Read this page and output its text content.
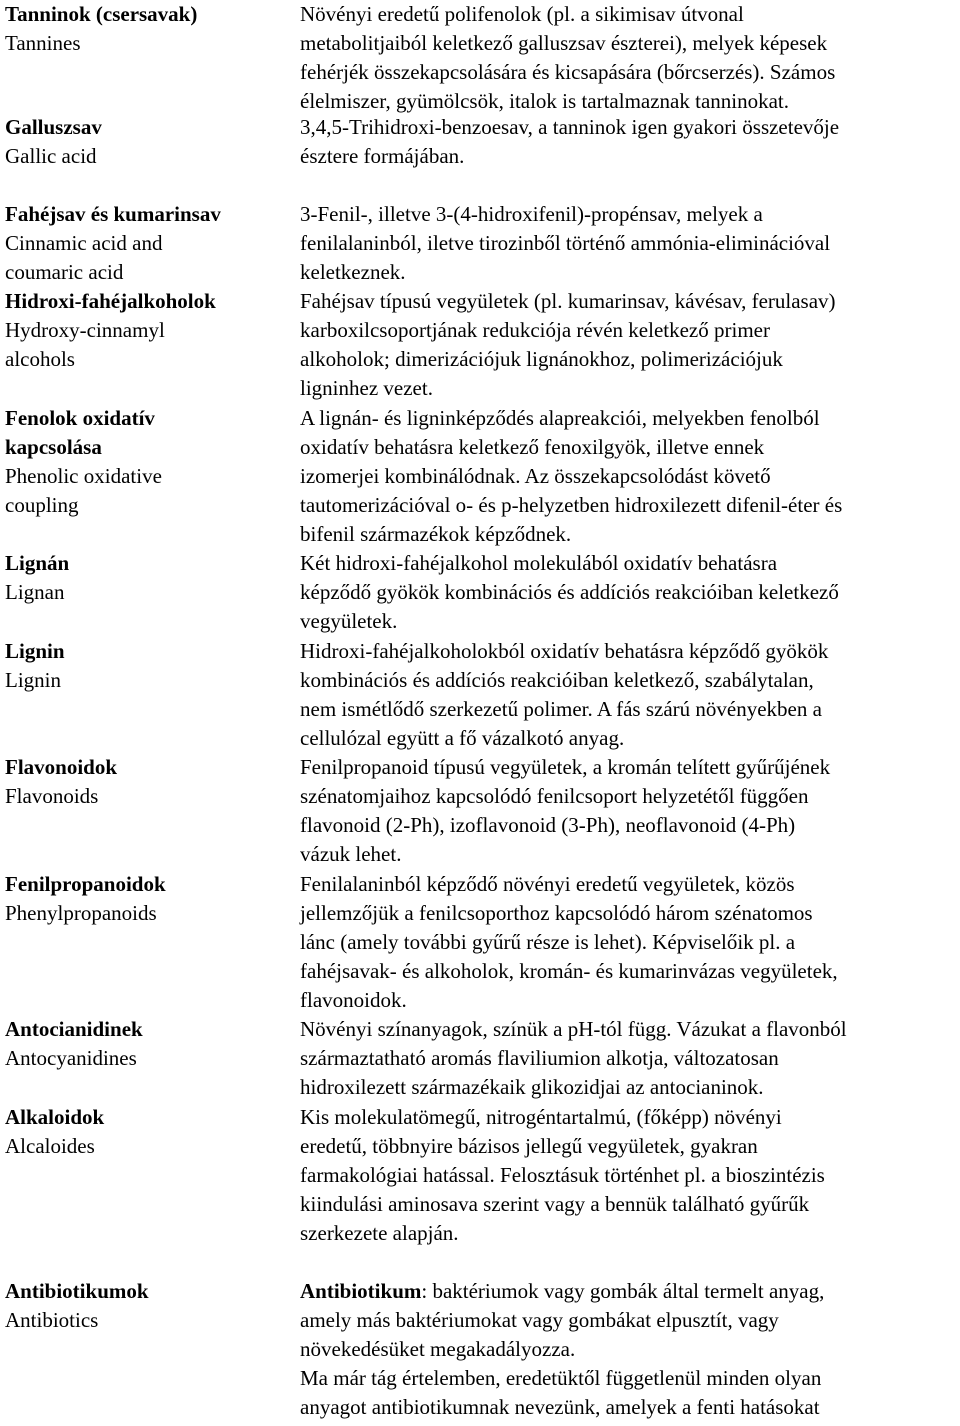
Tanninok (csersavak)
Tannines
Növényi eredetű polifenolok (pl. a sikimisav útvonal
metabolitjaiból keletkező galluszsav észterei), melyek képesek
fehérjék összekapcsolására és kicsapására (bőrcserzés). Számos
élelmiszer, gyümölcsök, italok is tartalmaznak tanninokat.
Galluszsav
Gallic acid
3,4,5-Trihidroxi-benzoesav, a tanninok igen gyakori összetevője
észtere formájában.
Fahéjsav és kumarinsav
Cinnamic acid and
coumaric acid
3-Fenil-, illetve 3-(4-hidroxifenil)-propénsav, melyek a
fenilalaninból, iletve tirozinből történő ammónia-eliminációval
keletkeznek.
Hidroxi-fahéjalkoholok
Hydroxy-cinnamyl
alcohols
Fahéjsav típusú vegyületek (pl. kumarinsav, kávésav, ferulasav)
karboxilcsoportjának redukciója révén keletkező primer
alkoholok; dimerizációjuk lignánokhoz, polimerizációjuk
ligninhez vezet.
Fenolok oxidatív
kapcsolása
Phenolic oxidative
coupling
A lignán- és ligninképződés alapreakciói, melyekben fenolból
oxidatív behatásra keletkező fenoxilgyök, illetve ennek
izomerjei kombinálódnak. Az összekapcsolódást követő
tautomerizációval o- és p-helyzetben hidroxilezett difenil-éter és
bifenil származékok képződnek.
Lignán
Lignan
Két hidroxi-fahéjalkohol molekulából oxidatív behatásra
képződő gyökök kombinációs és addíciós reakcióiban keletkező
vegyületek.
Lignin
Lignin
Hidroxi-fahéjalkoholokból oxidatív behatásra képződő gyökök
kombinációs és addíciós reakcióiban keletkező, szabálytalan,
nem ismétlődő szerkezetű polimer. A fás szárú növényekben a
cellulózal együtt a fő vázalkotó anyag.
Flavonoidok
Flavonoids
Fenilpropanoid típusú vegyületek, a kromán telített gyűrűjének
szénatomjaihoz kapcsolódó fenilcsoport helyzetétől függően
flavonoid (2-Ph), izoflavonoid (3-Ph), neoflavonoid (4-Ph)
vázuk lehet.
Fenilpropanoidok
Phenylpropanoids
Fenilalaninból képződő növényi eredetű vegyületek, közös
jellemzőjük a fenilcsoporthoz kapcsolódó három szénatomos
lánc (amely további gyűrű része is lehet). Képviselőik pl. a
fahéjsavak- és alkoholok, kromán- és kumarinvázas vegyületek,
flavonoidok.
Antocianidinek
Antocyanidines
Növényi színanyagok, színük a pH-tól függ. Vázukat a flavonból
származtatható aromás flaviliumion alkotja, változatosan
hidroxilezett származékaik glikozidjai az antocianinok.
Alkaloidok
Alcaloides
Kis molekulatömegű, nitrogéntartalmú, (főképp) növényi
eredetű, többnyire bázisos jellegű vegyületek, gyakran
farmakológiai hatással. Felosztásuk történhet pl. a bioszintézis
kiindulási aminosava szerint vagy a bennük található gyűrűk
szerkezete alapján.
Antibiotikumok
Antibiotics
Antibiotikum: baktériumok vagy gombák által termelt anyag,
amely más baktériumokat vagy gombákat elpusztít, vagy
növekedésüket megakadályozza.
Ma már tág értelemben, eredetüktől függetlenül minden olyan
anyagot antibiotikumnak nevezünk, amelyek a fenti hatásokat
